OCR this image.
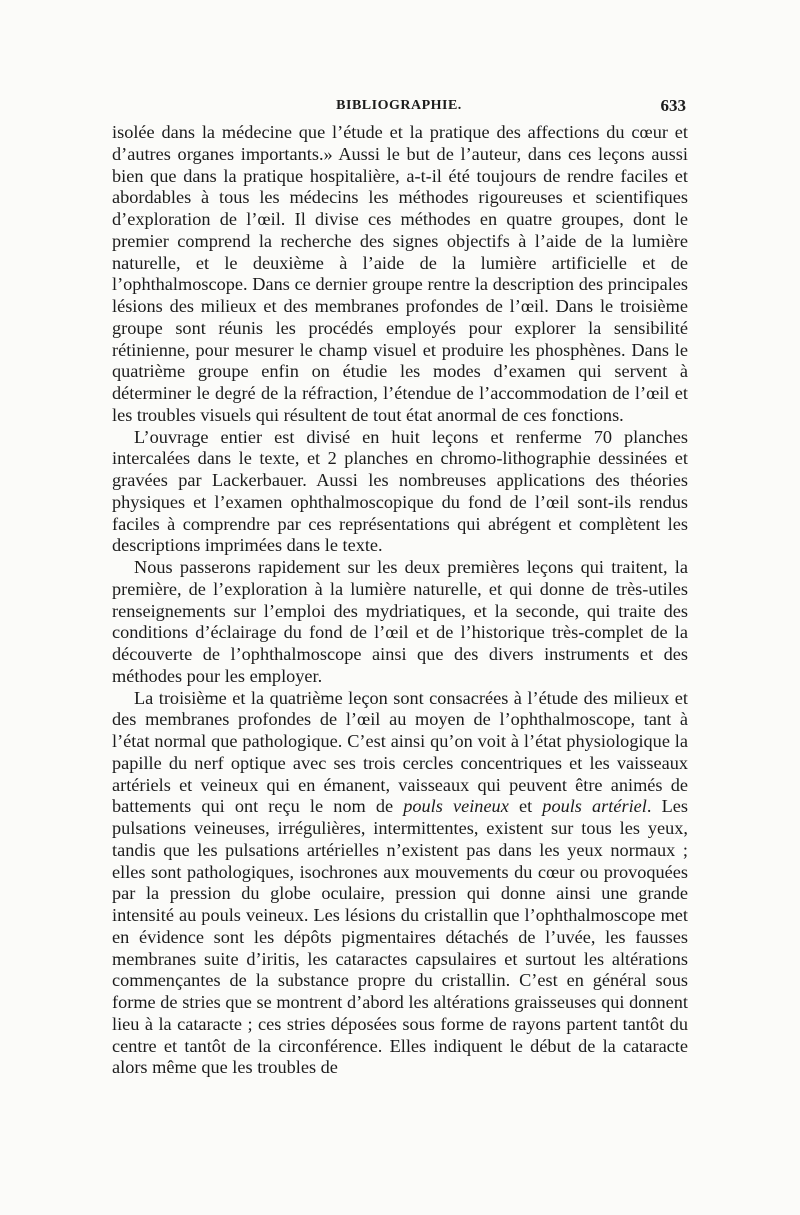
BIBLIOGRAPHIE.	633

isolée dans la médecine que l’étude et la pratique des affections du cœur et d’autres organes importants.» Aussi le but de l’auteur, dans ces leçons aussi bien que dans la pratique hospitalière, a-t-il été toujours de rendre faciles et abordables à tous les médecins les méthodes rigoureuses et scientifiques d’exploration de l’œil. Il divise ces méthodes en quatre groupes, dont le premier comprend la recherche des signes objectifs à l’aide de la lumière naturelle, et le deuxième à l’aide de la lumière artificielle et de l’ophthalmoscope. Dans ce dernier groupe rentre la description des principales lésions des milieux et des membranes profondes de l’œil. Dans le troisième groupe sont réunis les procédés employés pour explorer la sensibilité rétinienne, pour mesurer le champ visuel et produire les phosphènes. Dans le quatrième groupe enfin on étudie les modes d’examen qui servent à déterminer le degré de la réfraction, l’étendue de l’accommodation de l’œil et les troubles visuels qui résultent de tout état anormal de ces fonctions.

L’ouvrage entier est divisé en huit leçons et renferme 70 planches intercalées dans le texte, et 2 planches en chromo-lithographie dessinées et gravées par Lackerbauer. Aussi les nombreuses applications des théories physiques et l’examen ophthalmoscopique du fond de l’œil sont-ils rendus faciles à comprendre par ces représentations qui abrégent et complètent les descriptions imprimées dans le texte.

Nous passerons rapidement sur les deux premières leçons qui traitent, la première, de l’exploration à la lumière naturelle, et qui donne de très-utiles renseignements sur l’emploi des mydriatiques, et la seconde, qui traite des conditions d’éclairage du fond de l’œil et de l’historique très-complet de la découverte de l’ophthalmoscope ainsi que des divers instruments et des méthodes pour les employer.

La troisième et la quatrième leçon sont consacrées à l’étude des milieux et des membranes profondes de l’œil au moyen de l’ophthalmoscope, tant à l’état normal que pathologique. C’est ainsi qu’on voit à l’état physiologique la papille du nerf optique avec ses trois cercles concentriques et les vaisseaux artériels et veineux qui en émanent, vaisseaux qui peuvent être animés de battements qui ont reçu le nom de pouls veineux et pouls artériel. Les pulsations veineuses, irrégulières, intermittentes, existent sur tous les yeux, tandis que les pulsations artérielles n’existent pas dans les yeux normaux ; elles sont pathologiques, isochrones aux mouvements du cœur ou provoquées par la pression du globe oculaire, pression qui donne ainsi une grande intensité au pouls veineux. Les lésions du cristallin que l’ophthalmoscope met en évidence sont les dépôts pigmentaires détachés de l’uvée, les fausses membranes suite d’iritis, les cataractes capsulaires et surtout les altérations commençantes de la substance propre du cristallin. C’est en général sous forme de stries que se montrent d’abord les altérations graisseuses qui donnent lieu à la cataracte ; ces stries déposées sous forme de rayons partent tantôt du centre et tantôt de la circonférence. Elles indiquent le début de la cataracte alors même que les troubles de
